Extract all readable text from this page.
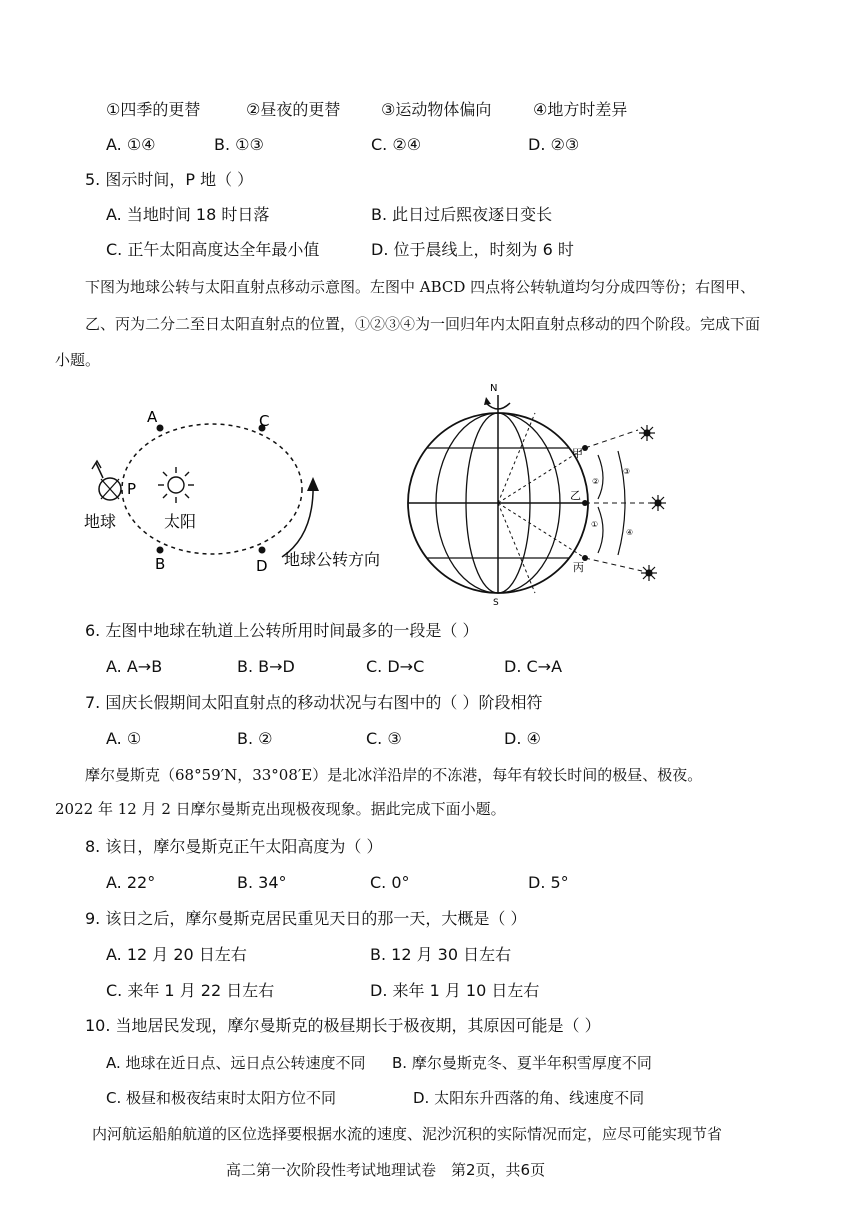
①四季的更替	②昼夜的更替	③运动物体偏向	④地方时差异
A. ①④	B. ①③	C. ②④	D. ②③
5. 图示时间，P 地（ ）
A. 当地时间 18 时日落	B. 此日过后熙夜逐日变长
C. 正午太阳高度达全年最小值	D. 位于晨线上，时刻为 6 时
下图为地球公转与太阳直射点移动示意图。左图中 ABCD 四点将公转轨道均匀分成四等份；右图甲、
乙、丙为二分二至日太阳直射点的位置，①②③④为一回归年内太阳直射点移动的四个阶段。完成下面
小题。
A	C
B	D
P
地球	太阳
地球公转方向
N
S
甲
乙
丙
①
②
③
④
6. 左图中地球在轨道上公转所用时间最多的一段是（ ）
A. A→B	B. B→D	C. D→C	D. C→A
7. 国庆长假期间太阳直射点的移动状况与右图中的（ ）阶段相符
A. ①	B. ②	C. ③	D. ④
摩尔曼斯克（68°59′N，33°08′E）是北冰洋沿岸的不冻港，每年有较长时间的极昼、极夜。
2022 年 12 月 2 日摩尔曼斯克出现极夜现象。据此完成下面小题。
8. 该日，摩尔曼斯克正午太阳高度为（ ）
A. 22°	B. 34°	C. 0°	D. 5°
9. 该日之后，摩尔曼斯克居民重见天日的那一天，大概是（ ）
A. 12 月 20 日左右	B. 12 月 30 日左右
C. 来年 1 月 22 日左右	D. 来年 1 月 10 日左右
10. 当地居民发现，摩尔曼斯克的极昼期长于极夜期，其原因可能是（ ）
A. 地球在近日点、远日点公转速度不同 B. 摩尔曼斯克冬、夏半年积雪厚度不同
C. 极昼和极夜结束时太阳方位不同	D. 太阳东升西落的角、线速度不同
内河航运船舶航道的区位选择要根据水流的速度、泥沙沉积的实际情况而定，应尽可能实现节省
高二第一次阶段性考试地理试卷　第2页，共6页
